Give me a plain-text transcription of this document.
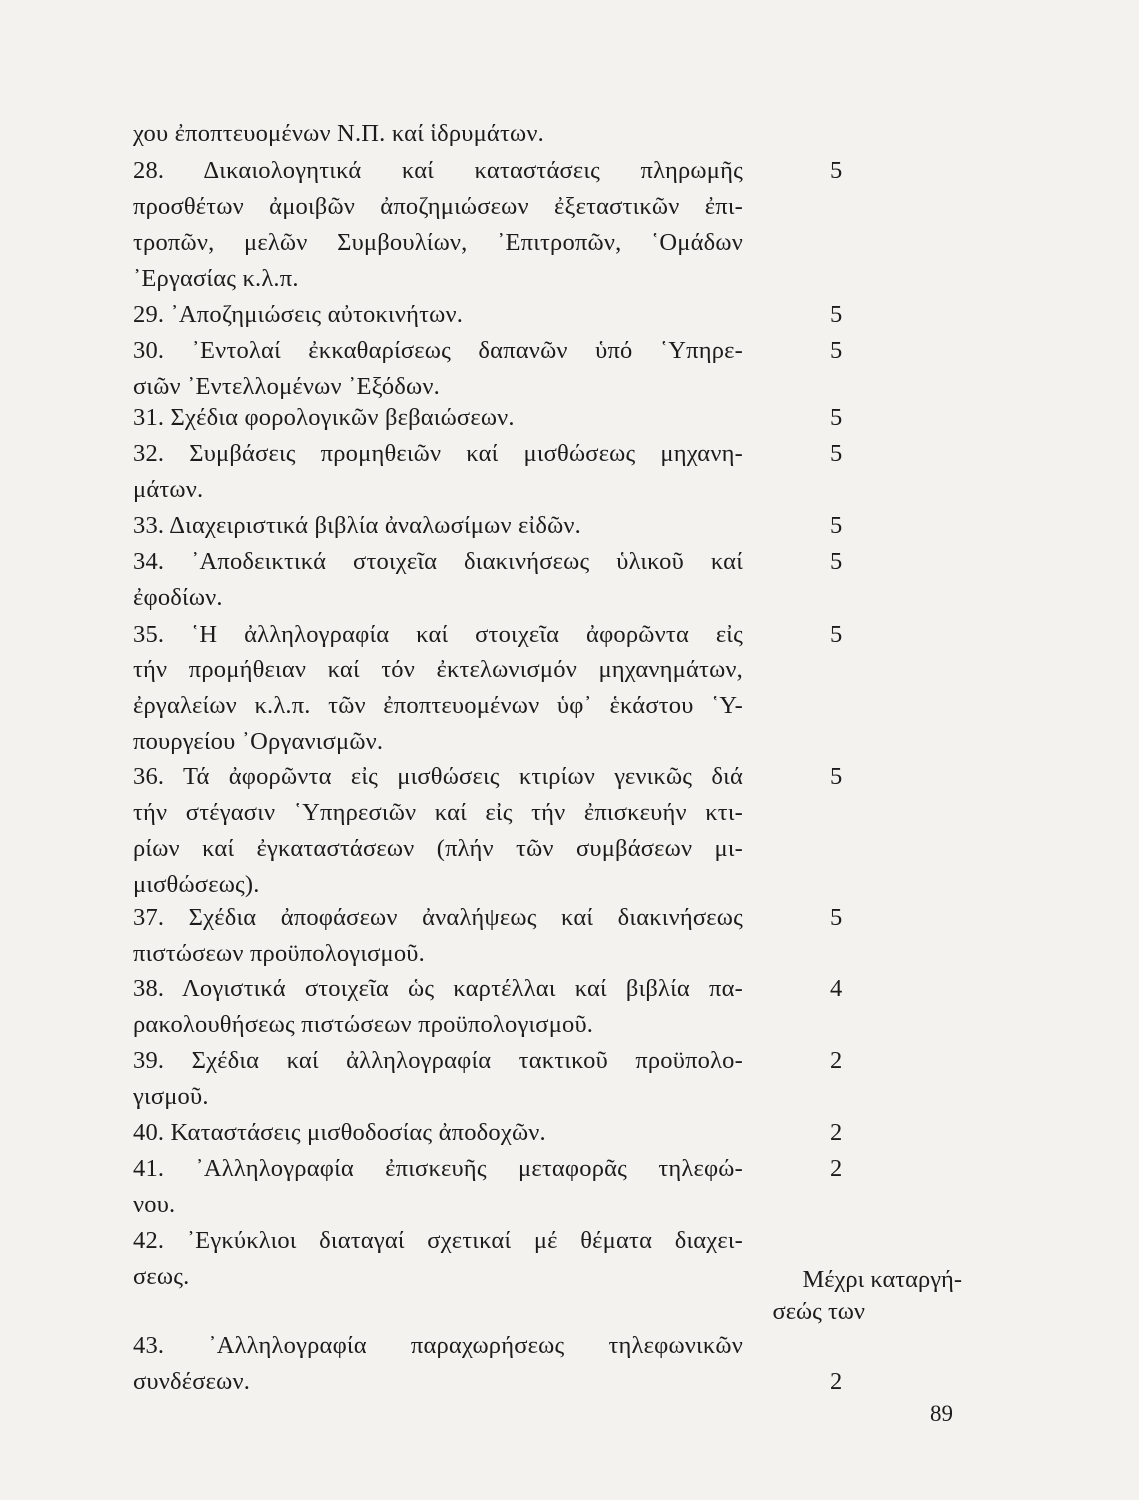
χου ἐποπτευομένων Ν.Π. καί ἱδρυμάτων.
28. Δικαιολογητικά καί καταστάσεις πληρωμῆς
προσθέτων ἀμοιβῶν ἀποζημιώσεων ἐξεταστικῶν ἐπι-
τροπῶν, μελῶν Συμβουλίων, ᾿Επιτροπῶν, ῾Ομάδων
᾿Εργασίας κ.λ.π.
29. ᾿Αποζημιώσεις αὐτοκινήτων.
30. ᾿Εντολαί ἐκκαθαρίσεως δαπανῶν ὑπό ῾Υπηρε-
σιῶν ᾿Εντελλομένων ᾿Εξόδων.
31. Σχέδια φορολογικῶν βεβαιώσεων.
32. Συμβάσεις προμηθειῶν καί μισθώσεως μηχανη-
μάτων.
33. Διαχειριστικά βιβλία ἀναλωσίμων εἰδῶν.
34. ᾿Αποδεικτικά στοιχεῖα διακινήσεως ὑλικοῦ καί
ἐφοδίων.
35. ῾Η ἀλληλογραφία καί στοιχεῖα ἀφορῶντα εἰς
τήν προμήθειαν καί τόν ἐκτελωνισμόν μηχανημάτων,
ἐργαλείων κ.λ.π. τῶν ἐποπτευομένων ὑφ᾿ ἑκάστου ῾Υ-
πουργείου ᾿Οργανισμῶν.
36. Τά ἀφορῶντα εἰς μισθώσεις κτιρίων γενικῶς διά
τήν στέγασιν ῾Υπηρεσιῶν καί εἰς τήν ἐπισκευήν κτι-
ρίων καί ἐγκαταστάσεων (πλήν τῶν συμβάσεων μι-
μισθώσεως).
37. Σχέδια ἀποφάσεων ἀναλήψεως καί διακινήσεως
πιστώσεων προϋπολογισμοῦ.
38. Λογιστικά στοιχεῖα ὡς καρτέλλαι καί βιβλία πα-
ρακολουθήσεως πιστώσεων προϋπολογισμοῦ.
39. Σχέδια καί ἀλληλογραφία τακτικοῦ προϋπολο-
γισμοῦ.
40. Καταστάσεις μισθοδοσίας ἀποδοχῶν.
41. ᾿Αλληλογραφία ἐπισκευῆς μεταφορᾶς τηλεφώ-
νου.
42. ᾿Εγκύκλιοι διαταγαί σχετικαί μέ θέματα διαχει-
σεως.
43. ᾿Αλληλογραφία παραχωρήσεως τηλεφωνικῶν
συνδέσεων.
5
5
5
5
5
5
5
5
5
5
4
2
2
2
2
Μέχρι καταργή-
σεώς των
89
